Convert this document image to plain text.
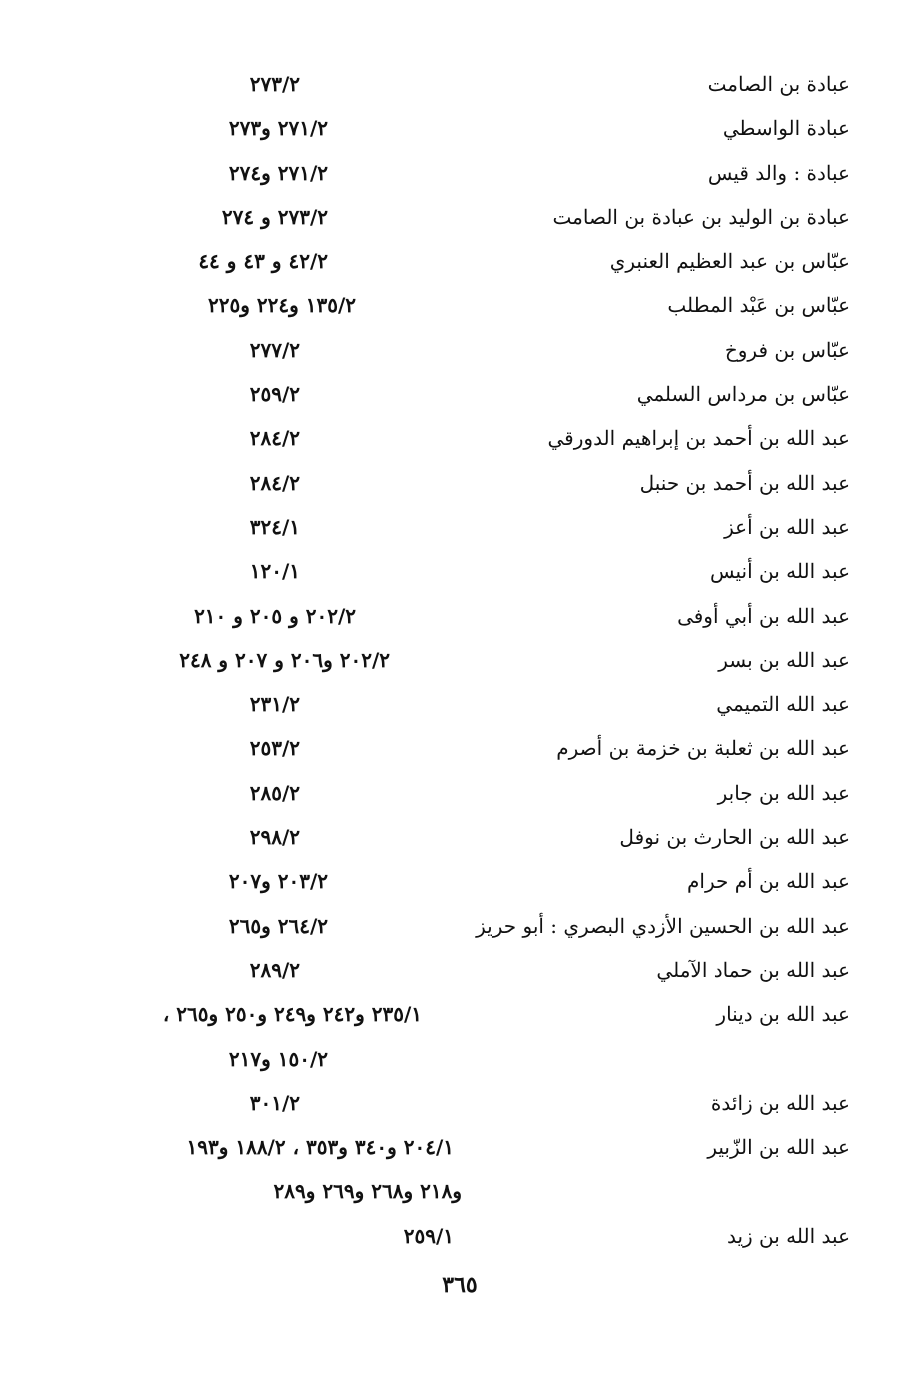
عبادة بن الصامت
٢٧٣/٢
عبادة الواسطي
٢٧١/٢ و٢٧٣
عبادة : والد قيس
٢٧١/٢ و٢٧٤
عبادة بن الوليد بن عبادة بن الصامت
٢٧٣/٢ و ٢٧٤
عبّاس بن عبد العظيم العنبري
٤٢/٢ و ٤٣ و ٤٤
عبّاس بن عَبْد المطلب
١٣٥/٢ و٢٢٤ و٢٢٥
عبّاس بن فروخ
٢٧٧/٢
عبّاس بن مرداس السلمي
٢٥٩/٢
عبد الله بن أحمد بن إبراهيم الدورقي
٢٨٤/٢
عبد الله بن أحمد بن حنبل
٢٨٤/٢
عبد الله بن أعز
٣٢٤/١
عبد الله بن أنيس
١٢٠/١
عبد الله بن أبي أوفى
٢٠٢/٢ و ٢٠٥ و ٢١٠
عبد الله بن بسر
٢٠٢/٢ و٢٠٦ و ٢٠٧ و ٢٤٨
عبد الله التميمي
٢٣١/٢
عبد الله بن ثعلبة بن خزمة بن أصرم
٢٥٣/٢
عبد الله بن جابر
٢٨٥/٢
عبد الله بن الحارث بن نوفل
٢٩٨/٢
عبد الله بن أم حرام
٢٠٣/٢ و٢٠٧
عبد الله بن الحسين الأزدي البصري : أبو حريز
٢٦٤/٢ و٢٦٥
عبد الله بن حماد الآملي
٢٨٩/٢
عبد الله بن دينار
٢٣٥/١ و٢٤٢ و٢٤٩ و٢٥٠ و٢٦٥ ،
١٥٠/٢ و٢١٧
عبد الله بن زائدة
٣٠١/٢
عبد الله بن الزّبير
٢٠٤/١ و٣٤٠ و٣٥٣ ، ١٨٨/٢ و١٩٣
و٢١٨ و٢٦٨ و٢٦٩ و٢٨٩
عبد الله بن زيد
٢٥٩/١
٣٦٥
